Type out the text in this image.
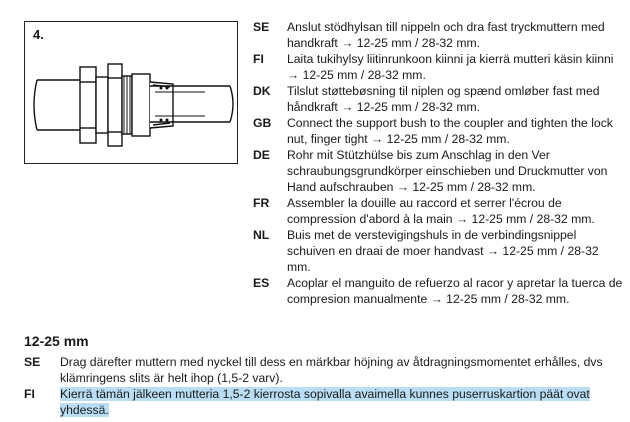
4.	SE	Anslut stödhylsan till nippeln och dra fast tryckmuttern med handkraft → 12-25 mm / 28-32 mm.
FI	Laita tukihylsy liitinrunkoon kiinni ja kierrä mutteri käsin kiinni → 12-25 mm / 28-32 mm.
DK	Tilslut støttebøsning til niplen og spænd omløber fast med håndkraft → 12-25 mm / 28-32 mm.
GB	Connect the support bush to the coupler and tighten the lock nut, finger tight → 12-25 mm / 28-32 mm.
DE	Rohr mit Stützhülse bis zum Anschlag in den Ver schraubungsgrundkörper einschieben und Druckmutter von Hand aufschrauben → 12-25 mm / 28-32 mm.
FR	Assembler la douille au raccord et serrer l'écrou de compression d'abord à la main → 12-25 mm / 28-32 mm.
NL	Buis met de verstevigingshuls in de verbindingsnippel schuiven en draai de moer handvast → 12-25 mm / 28-32 mm.
ES	Acoplar el manguito de refuerzo al racor y apretar la tuerca de compresion manualmente → 12-25 mm / 28-32 mm.
12-25 mm
SE	Drag därefter muttern med nyckel till dess en märkbar höjning av åtdragningsmomentet erhålles, dvs klämringens slits är helt ihop (1,5-2 varv).
FI	Kierrä tämän jälkeen mutteria 1,5-2 kierrosta sopivalla avaimella kunnes puserruskartion päät ovat yhdessä.
